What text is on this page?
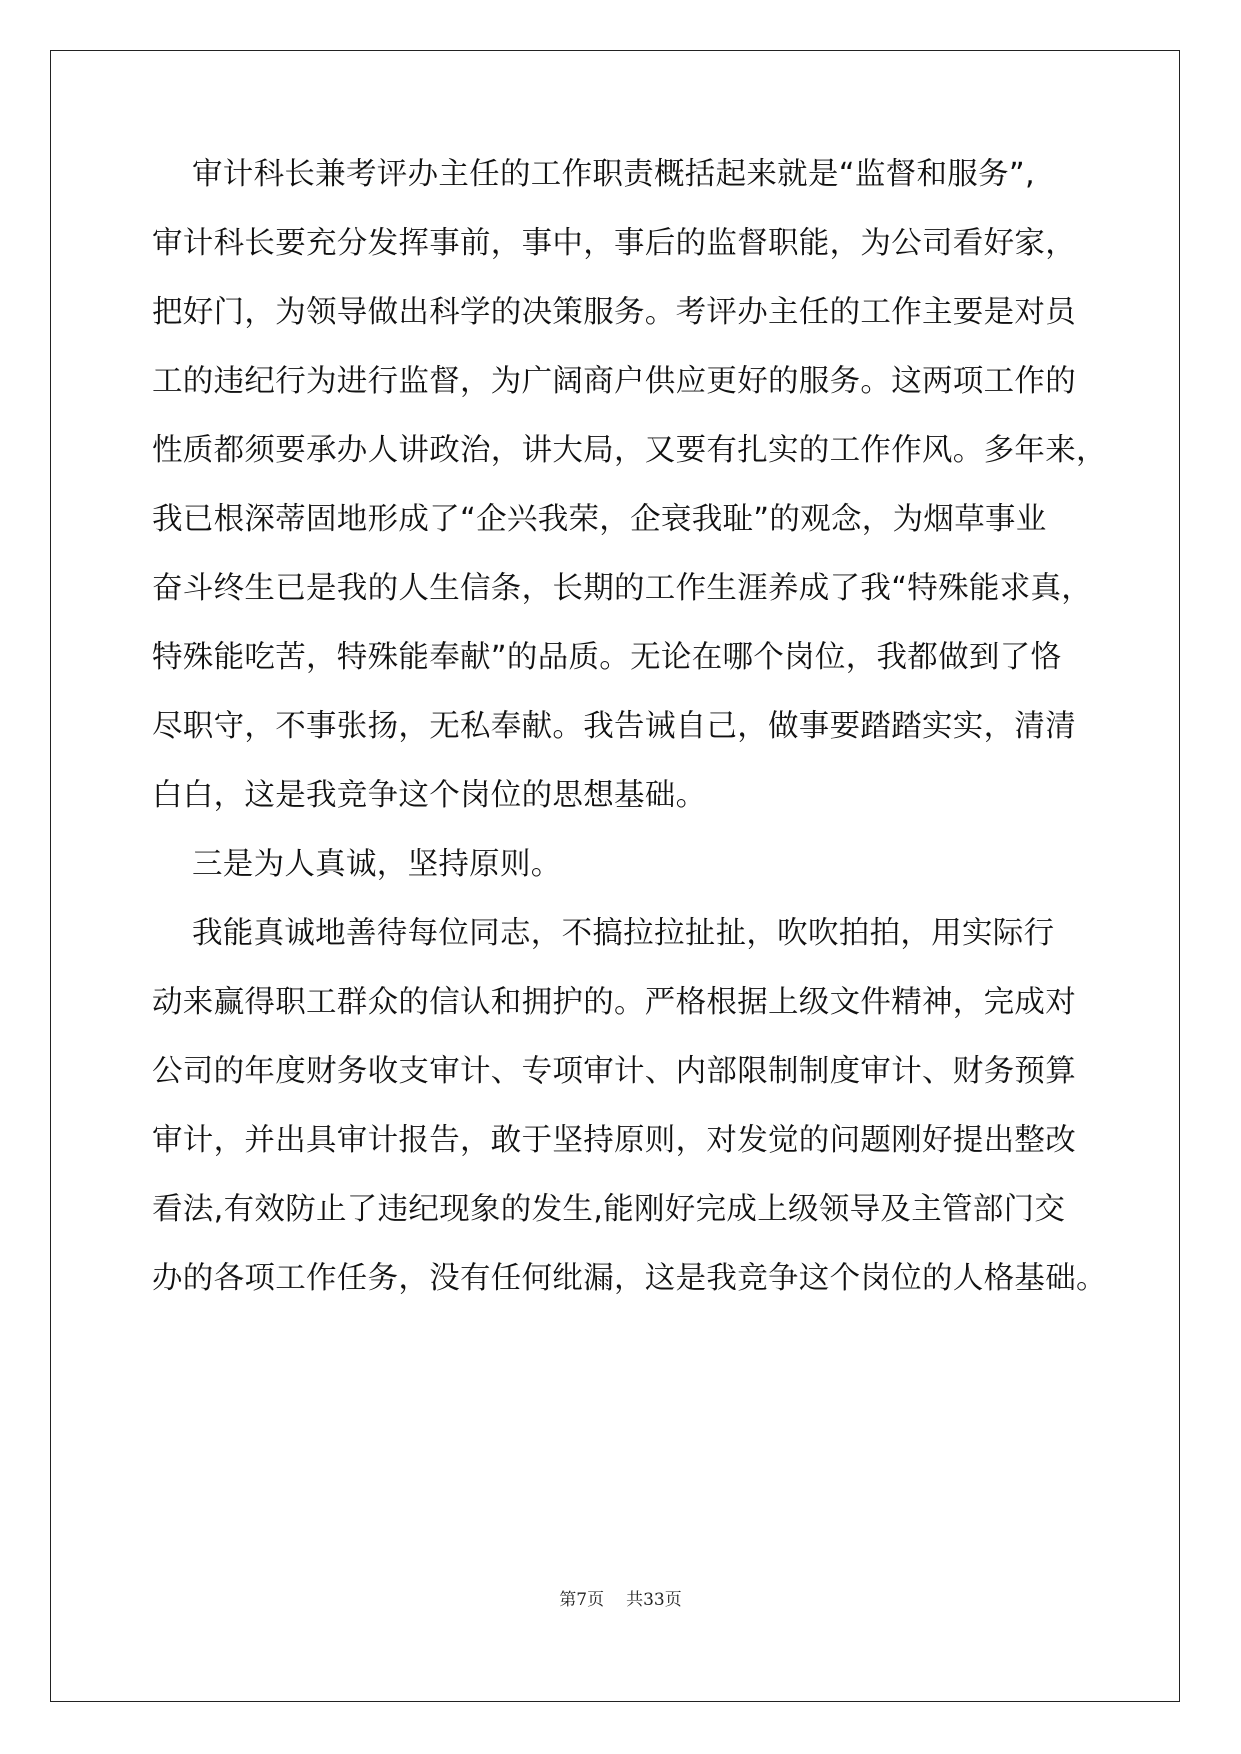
审计科长兼考评办主任的工作职责概括起来就是“监督和服务”,
审计科长要充分发挥事前，事中，事后的监督职能，为公司看好家，
把好门，为领导做出科学的决策服务。考评办主任的工作主要是对员
工的违纪行为进行监督，为广阔商户供应更好的服务。这两项工作的
性质都须要承办人讲政治，讲大局，又要有扎实的工作作风。多年来，
我已根深蒂固地形成了“企兴我荣，企衰我耻”的观念，为烟草事业
奋斗终生已是我的人生信条，长期的工作生涯养成了我“特殊能求真，
特殊能吃苦，特殊能奉献”的品质。无论在哪个岗位，我都做到了恪
尽职守，不事张扬，无私奉献。我告诫自己，做事要踏踏实实，清清
白白，这是我竞争这个岗位的思想基础。
三是为人真诚，坚持原则。
我能真诚地善待每位同志，不搞拉拉扯扯，吹吹拍拍，用实际行
动来赢得职工群众的信认和拥护的。严格根据上级文件精神，完成对
公司的年度财务收支审计、专项审计、内部限制制度审计、财务预算
审计，并出具审计报告，敢于坚持原则，对发觉的问题刚好提出整改
看法,有效防止了违纪现象的发生,能刚好完成上级领导及主管部门交
办的各项工作任务，没有任何纰漏，这是我竞争这个岗位的人格基础。
第7页 共33页
